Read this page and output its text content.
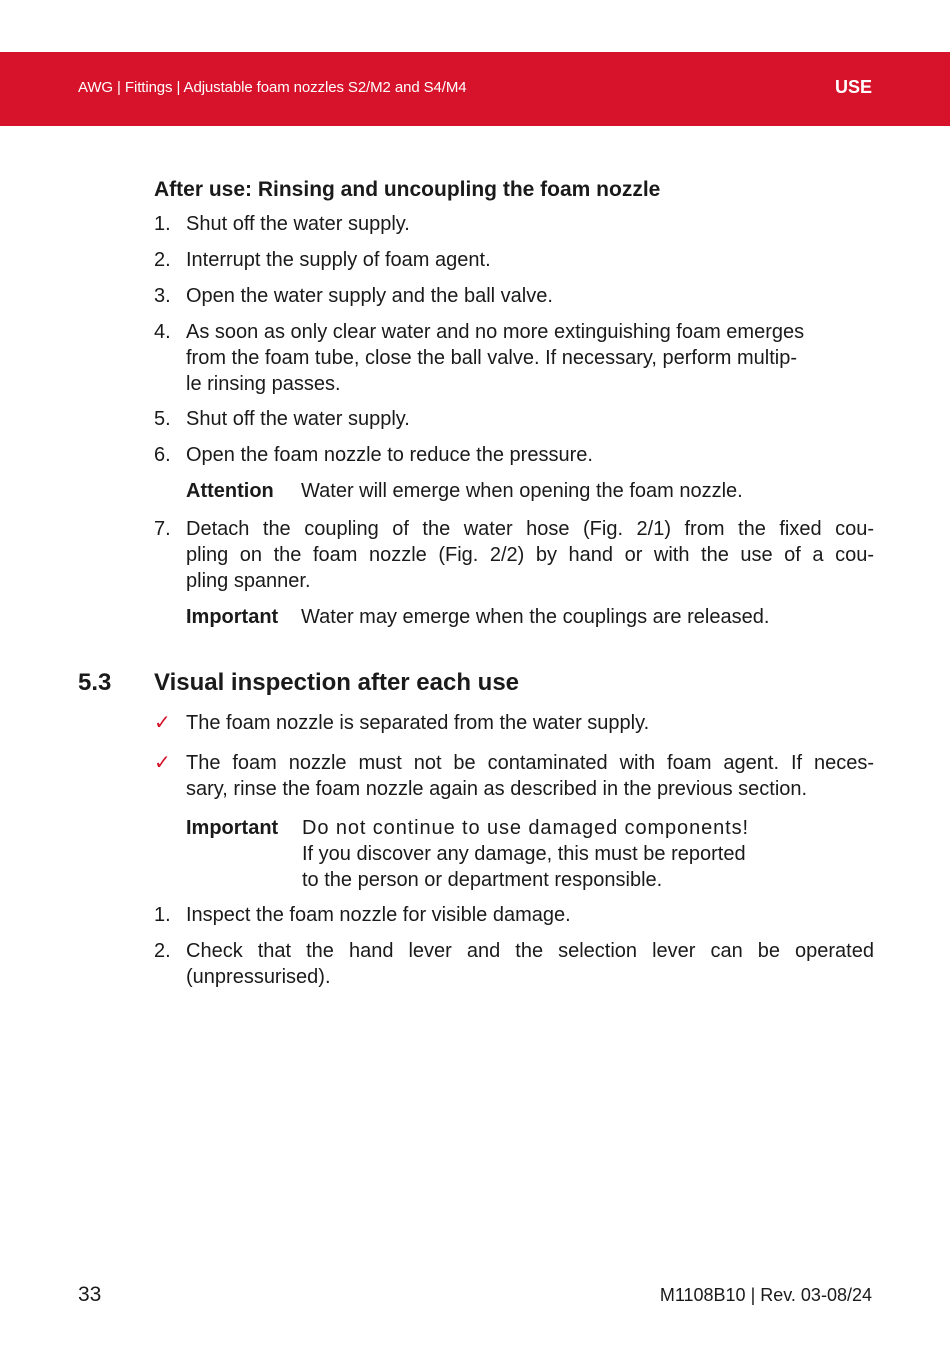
AWG | Fittings | Adjustable foam nozzles S2/M2 and S4/M4	USE
After use: Rinsing and uncoupling the foam nozzle
1. Shut off the water supply.
2. Interrupt the supply of foam agent.
3. Open the water supply and the ball valve.
4. As soon as only clear water and no more extinguishing foam emerges
from the foam tube, close the ball valve. If necessary, perform multip-
le rinsing passes.
5. Shut off the water supply.
6. Open the foam nozzle to reduce the pressure.
Attention Water will emerge when opening the foam nozzle.
7. Detach the coupling of the water hose (Fig. 2/1) from the fixed cou-
pling on the foam nozzle (Fig. 2/2) by hand or with the use of a cou-
pling spanner.
Important Water may emerge when the couplings are released.
5.3 Visual inspection after each use
✓ The foam nozzle is separated from the water supply.
✓ The foam nozzle must not be contaminated with foam agent. If neces-
sary, rinse the foam nozzle again as described in the previous section.
Important Do not continue to use damaged components!
If you discover any damage, this must be reported
to the person or department responsible.
1. Inspect the foam nozzle for visible damage.
2. Check that the hand lever and the selection lever can be operated
(unpressurised).
33	M1108B10 | Rev. 03-08/24
